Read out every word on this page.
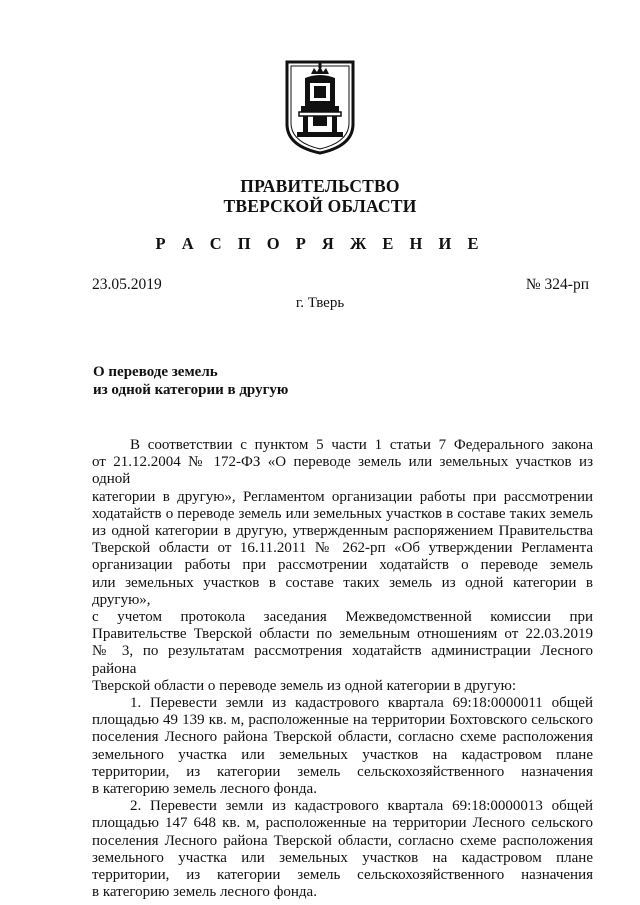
ПРАВИТЕЛЬСТВО
ТВЕРСКОЙ ОБЛАСТИ
Р А С П О Р Я Ж Е Н И Е
23.05.2019	№ 324-рп
г. Тверь
О переводе земель
из одной категории в другую
В соответствии с пунктом 5 части 1 статьи 7 Федерального закона
от 21.12.2004 № 172-ФЗ «О переводе земель или земельных участков из одной
категории в другую», Регламентом организации работы при рассмотрении
ходатайств о переводе земель или земельных участков в составе таких земель
из одной категории в другую, утвержденным распоряжением Правительства
Тверской области от 16.11.2011 № 262-рп «Об утверждении Регламента
организации работы при рассмотрении ходатайств о переводе земель
или земельных участков в составе таких земель из одной категории в другую»,
с учетом протокола заседания Межведомственной комиссии при
Правительстве Тверской области по земельным отношениям от 22.03.2019
№ 3, по результатам рассмотрения ходатайств администрации Лесного района
Тверской области о переводе земель из одной категории в другую:
1. Перевести земли из кадастрового квартала 69:18:0000011 общей
площадью 49 139 кв. м, расположенные на территории Бохтовского сельского
поселения Лесного района Тверской области, согласно схеме расположения
земельного участка или земельных участков на кадастровом плане
территории, из категории земель сельскохозяйственного назначения
в категорию земель лесного фонда.
2. Перевести земли из кадастрового квартала 69:18:0000013 общей
площадью 147 648 кв. м, расположенные на территории Лесного сельского
поселения Лесного района Тверской области, согласно схеме расположения
земельного участка или земельных участков на кадастровом плане
территории, из категории земель сельскохозяйственного назначения
в категорию земель лесного фонда.
